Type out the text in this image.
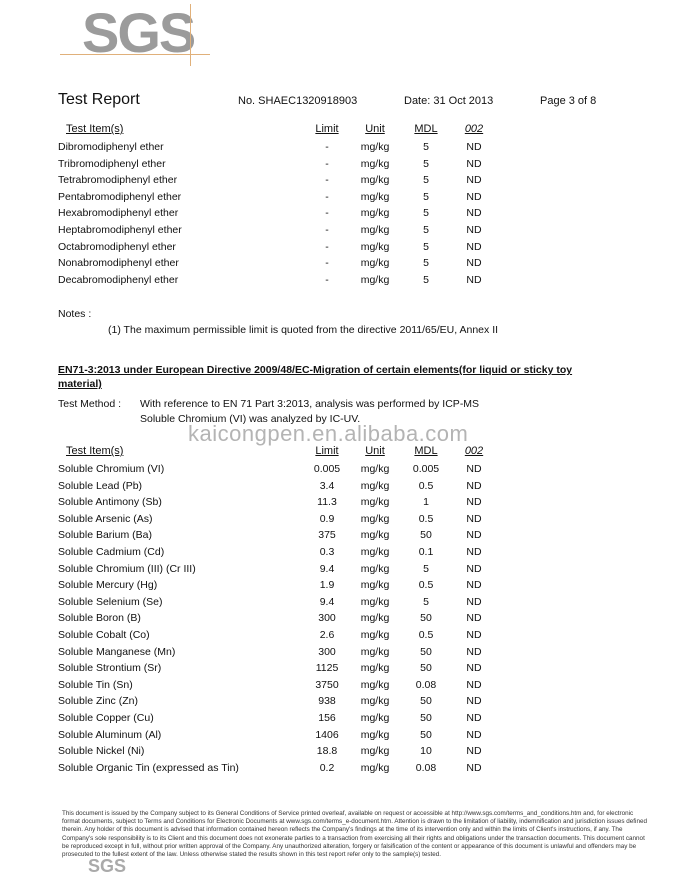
SGS
Test Report	No. SHAEC1320918903	Date: 31 Oct 2013	Page 3 of 8
Test Item(s)	Limit	Unit	MDL	002
Dibromodiphenyl ether	-	mg/kg	5	ND
Tribromodiphenyl ether	-	mg/kg	5	ND
Tetrabromodiphenyl ether	-	mg/kg	5	ND
Pentabromodiphenyl ether	-	mg/kg	5	ND
Hexabromodiphenyl ether	-	mg/kg	5	ND
Heptabromodiphenyl ether	-	mg/kg	5	ND
Octabromodiphenyl ether	-	mg/kg	5	ND
Nonabromodiphenyl ether	-	mg/kg	5	ND
Decabromodiphenyl ether	-	mg/kg	5	ND
Notes :
(1) The maximum permissible limit is quoted from the directive 2011/65/EU, Annex II
EN71-3:2013 under European Directive 2009/48/EC-Migration of certain elements(for liquid or sticky toy material)
Test Method : With reference to EN 71 Part 3:2013, analysis was performed by ICP-MS
Soluble Chromium (VI) was analyzed by IC-UV.
kaicongpen.en.alibaba.com
Test Item(s)	Limit	Unit	MDL	002
Soluble Chromium (VI)	0.005	mg/kg	0.005	ND
Soluble Lead (Pb)	3.4	mg/kg	0.5	ND
Soluble Antimony (Sb)	11.3	mg/kg	1	ND
Soluble Arsenic (As)	0.9	mg/kg	0.5	ND
Soluble Barium (Ba)	375	mg/kg	50	ND
Soluble Cadmium (Cd)	0.3	mg/kg	0.1	ND
Soluble Chromium (III) (Cr III)	9.4	mg/kg	5	ND
Soluble Mercury (Hg)	1.9	mg/kg	0.5	ND
Soluble Selenium (Se)	9.4	mg/kg	5	ND
Soluble Boron (B)	300	mg/kg	50	ND
Soluble Cobalt (Co)	2.6	mg/kg	0.5	ND
Soluble Manganese (Mn)	300	mg/kg	50	ND
Soluble Strontium (Sr)	1125	mg/kg	50	ND
Soluble Tin (Sn)	3750	mg/kg	0.08	ND
Soluble Zinc (Zn)	938	mg/kg	50	ND
Soluble Copper (Cu)	156	mg/kg	50	ND
Soluble Aluminum (Al)	1406	mg/kg	50	ND
Soluble Nickel (Ni)	18.8	mg/kg	10	ND
Soluble Organic Tin (expressed as Tin)	0.2	mg/kg	0.08	ND
This document is issued by the Company subject to its General Conditions of Service printed overleaf, available on request or accessible at http://www.sgs.com/terms_and_conditions.htm and, for electronic format documents, subject to Terms and Conditions for Electronic Documents at www.sgs.com/terms_e-document.htm. Attention is drawn to the limitation of liability, indemnification and jurisdiction issues defined therein. Any holder of this document is advised that information contained hereon reflects the Company's findings at the time of its intervention only and within the limits of Client's instructions, if any. The Company's sole responsibility is to its Client and this document does not exonerate parties to a transaction from exercising all their rights and obligations under the transaction documents. This document cannot be reproduced except in full, without prior written approval of the Company. Any unauthorized alteration, forgery or falsification of the content or appearance of this document is unlawful and offenders may be prosecuted to the fullest extent of the law. Unless otherwise stated the results shown in this test report refer only to the sample(s) tested.
SGS
